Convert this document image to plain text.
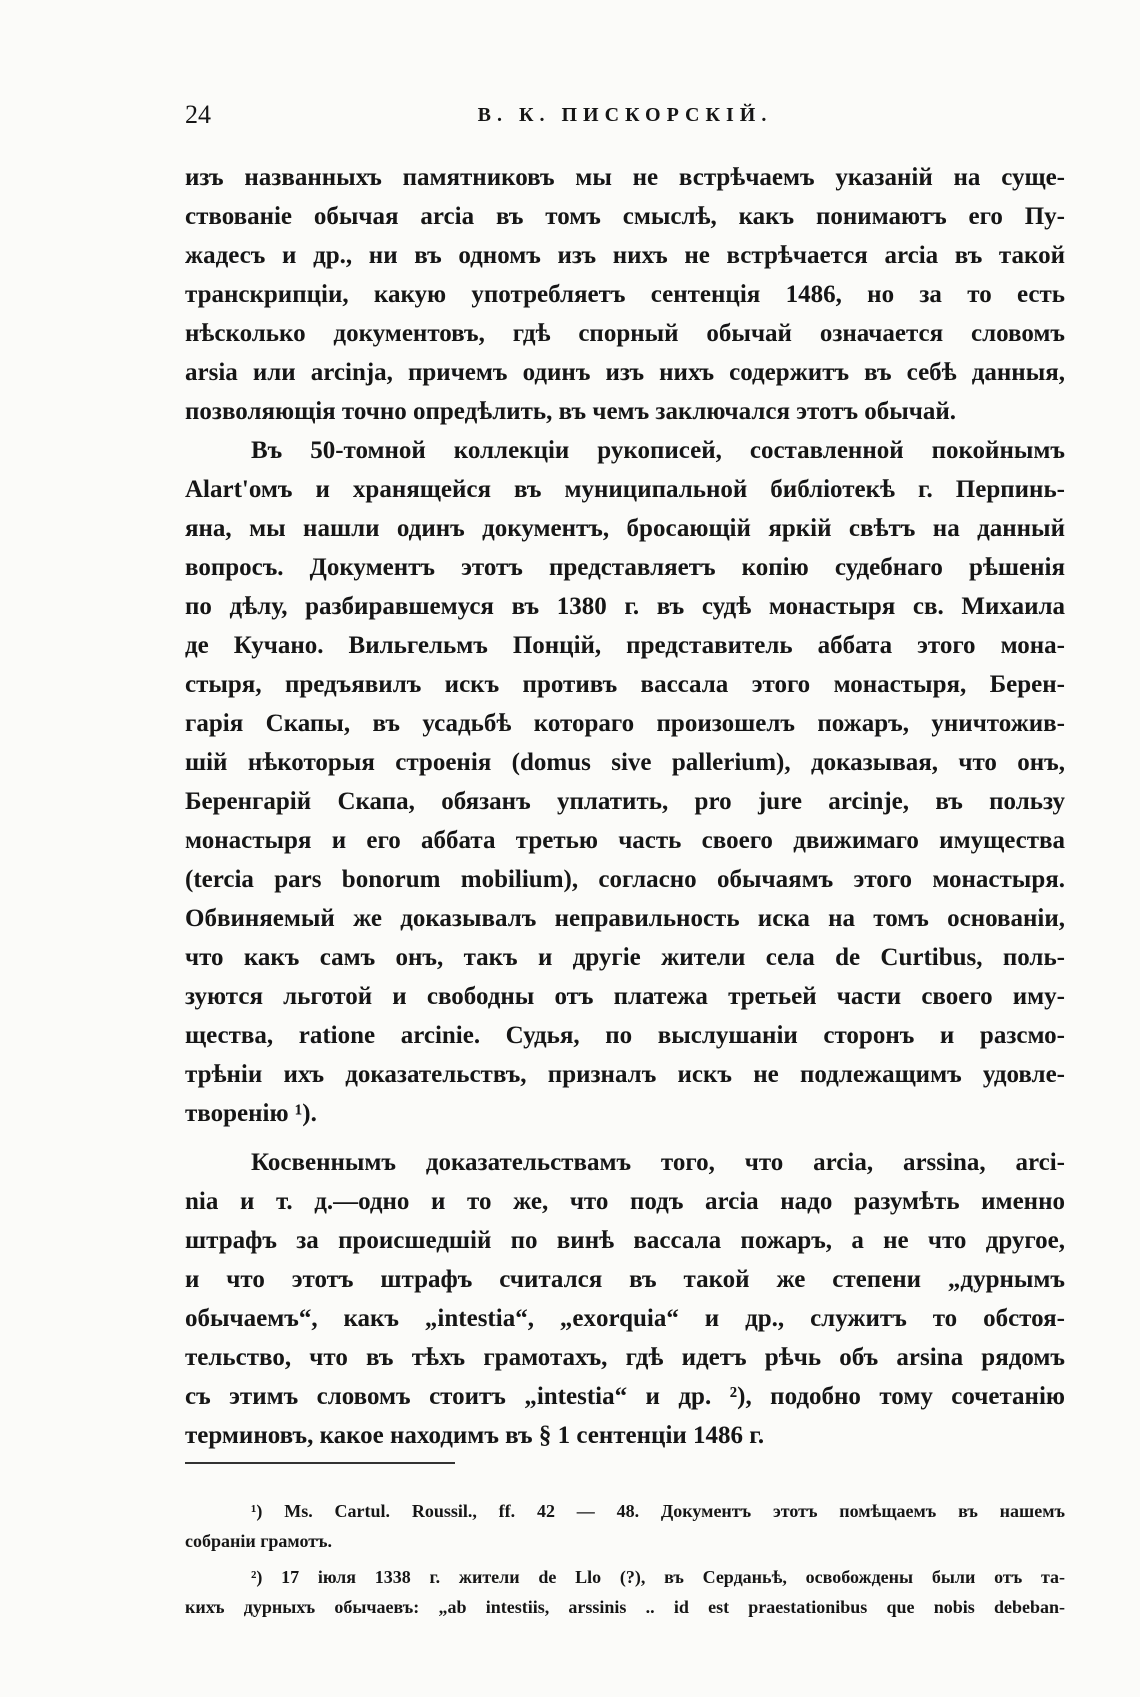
24	В. К. ПИСКОРСКІЙ.
изъ названныхъ памятниковъ мы не встрѣчаемъ указаній на суще-
ствованіе обычая arcia въ томъ смыслѣ, какъ понимаютъ его Пу-
жадесъ и др., ни въ одномъ изъ нихъ не встрѣчается arcia въ такой
транскрипціи, какую употребляетъ сентенція 1486, но за то есть
нѣсколько документовъ, гдѣ спорный обычай означается словомъ
arsia или arcinja, причемъ одинъ изъ нихъ содержитъ въ себѣ данныя,
позволяющія точно опредѣлить, въ чемъ заключался этотъ обычай.
Въ 50-томной коллекціи рукописей, составленной покойнымъ
Alart'омъ и хранящейся въ муниципальной библіотекѣ г. Перпинь-
яна, мы нашли одинъ документъ, бросающій яркій свѣтъ на данный
вопросъ. Документъ этотъ представляетъ копію судебнаго рѣшенія
по дѣлу, разбиравшемуся въ 1380 г. въ судѣ монастыря св. Михаила
де Кучано. Вильгельмъ Понцій, представитель аббата этого мона-
стыря, предъявилъ искъ противъ вассала этого монастыря, Берен-
гарія Скапы, въ усадьбѣ котораго произошелъ пожаръ, уничтожив-
шій нѣкоторыя строенія (domus sive pallerium), доказывая, что онъ,
Беренгарій Скапа, обязанъ уплатить, pro jure arcinje, въ пользу
монастыря и его аббата третью часть своего движимаго имущества
(tercia pars bonorum mobilium), согласно обычаямъ этого монастыря.
Обвиняемый же доказывалъ неправильность иска на томъ основаніи,
что какъ самъ онъ, такъ и другіе жители села de Curtibus, поль-
зуются льготой и свободны отъ платежа третьей части своего иму-
щества, ratione arcinie. Судья, по выслушаніи сторонъ и разсмо-
трѣніи ихъ доказательствъ, призналъ искъ не подлежащимъ удовле-
творенію ¹).
Косвеннымъ доказательствамъ того, что arcia, arssina, arci-
nia и т. д.—одно и то же, что подъ arcia надо разумѣть именно
штрафъ за происшедшій по винѣ вассала пожаръ, а не что другое,
и что этотъ штрафъ считался въ такой же степени „дурнымъ
обычаемъ“, какъ „intestia“, „exorquia“ и др., служитъ то обстоя-
тельство, что въ тѣхъ грамотахъ, гдѣ идетъ рѣчь объ arsina рядомъ
съ этимъ словомъ стоитъ „intestia“ и др. ²), подобно тому сочетанію
терминовъ, какое находимъ въ § 1 сентенціи 1486 г.
¹) Ms. Cartul. Roussil., ff. 42 — 48. Документъ этотъ помѣщаемъ въ нашемъ
собраніи грамотъ.
²) 17 іюля 1338 г. жители de Llo (?), въ Серданьѣ, освобождены были отъ та-
кихъ дурныхъ обычаевъ: „ab intestiis, arssinis .. id est praestationibus que nobis debeban-
